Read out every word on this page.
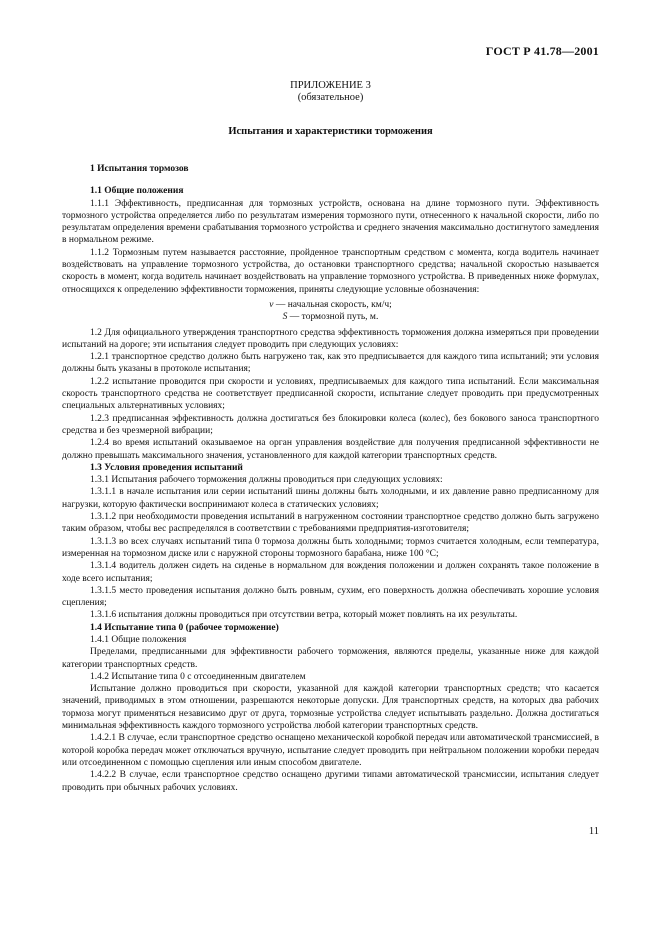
ГОСТ Р 41.78—2001
ПРИЛОЖЕНИЕ 3
(обязательное)
Испытания и характеристики торможения

1 Испытания тормозов

1.1 Общие положения

1.1.1 Эффективность, предписанная для тормозных устройств, основана на длине тормозного пути. Эффективность тормозного устройства определяется либо по результатам измерения тормозного пути, отнесенного к начальной скорости, либо по результатам определения времени срабатывания тормозного устройства и среднего значения максимально достигнутого замедления в нормальном режиме.

1.1.2 Тормозным путем называется расстояние, пройденное транспортным средством с момента, когда водитель начинает воздействовать на управление тормозного устройства, до остановки транспортного средства; начальной скоростью называется скорость в момент, когда водитель начинает воздействовать на управление тормозного устройства. В приведенных ниже формулах, относящихся к определению эффективности торможения, приняты следующие условные обозначения:

v — начальная скорость, км/ч;
S — тормозной путь, м.

1.2 Для официального утверждения транспортного средства эффективность торможения должна измеряться при проведении испытаний на дороге; эти испытания следует проводить при следующих условиях:

1.2.1 транспортное средство должно быть нагружено так, как это предписывается для каждого типа испытаний; эти условия должны быть указаны в протоколе испытания;

1.2.2 испытание проводится при скорости и условиях, предписываемых для каждого типа испытаний. Если максимальная скорость транспортного средства не соответствует предписанной скорости, испытание следует проводить при предусмотренных специальных альтернативных условиях;

1.2.3 предписанная эффективность должна достигаться без блокировки колеса (колес), без бокового заноса транспортного средства и без чрезмерной вибрации;

1.2.4 во время испытаний оказываемое на орган управления воздействие для получения предписанной эффективности не должно превышать максимального значения, установленного для каждой категории транспортных средств.

1.3 Условия проведения испытаний

1.3.1 Испытания рабочего торможения должны проводиться при следующих условиях:

1.3.1.1 в начале испытания или серии испытаний шины должны быть холодными, и их давление равно предписанному для нагрузки, которую фактически воспринимают колеса в статических условиях;

1.3.1.2 при необходимости проведения испытаний в нагруженном состоянии транспортное средство должно быть загружено таким образом, чтобы вес распределялся в соответствии с требованиями предприятия-изготовителя;

1.3.1.3 во всех случаях испытаний типа 0 тормоза должны быть холодными; тормоз считается холодным, если температура, измеренная на тормозном диске или с наружной стороны тормозного барабана, ниже 100 °С;

1.3.1.4 водитель должен сидеть на сиденье в нормальном для вождения положении и должен сохранять такое положение в ходе всего испытания;

1.3.1.5 место проведения испытания должно быть ровным, сухим, его поверхность должна обеспечивать хорошие условия сцепления;

1.3.1.6 испытания должны проводиться при отсутствии ветра, который может повлиять на их результаты.

1.4 Испытание типа 0 (рабочее торможение)

1.4.1 Общие положения

Пределами, предписанными для эффективности рабочего торможения, являются пределы, указанные ниже для каждой категории транспортных средств.

1.4.2 Испытание типа 0 с отсоединенным двигателем

Испытание должно проводиться при скорости, указанной для каждой категории транспортных средств; что касается значений, приводимых в этом отношении, разрешаются некоторые допуски. Для транспортных средств, на которых два рабочих тормоза могут применяться независимо друг от друга, тормозные устройства следует испытывать раздельно. Должна достигаться минимальная эффективность каждого тормозного устройства любой категории транспортных средств.

1.4.2.1 В случае, если транспортное средство оснащено механической коробкой передач или автоматической трансмиссией, в которой коробка передач может отключаться вручную, испытание следует проводить при нейтральном положении коробки передач или отсоединенном с помощью сцепления или иным способом двигателе.

1.4.2.2 В случае, если транспортное средство оснащено другими типами автоматической трансмиссии, испытания следует проводить при обычных рабочих условиях.

11
